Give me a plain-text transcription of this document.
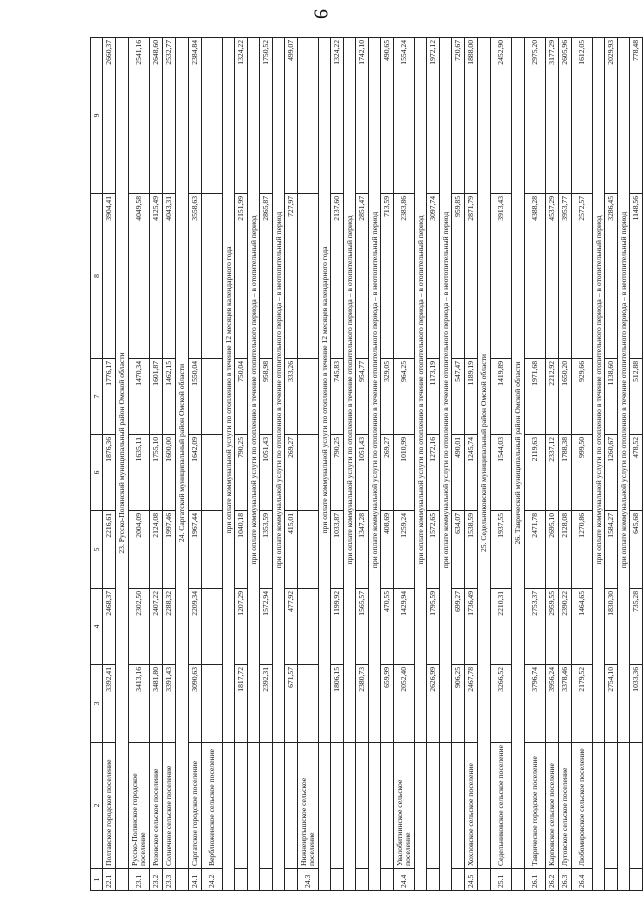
9
1	2	3	4	5	6	7	8	9
22.1	Полтавское городское поселение	3392,41	2468,37	2216,61	1876,36	1776,17	3904,41	2660,37
	23. Русско-Полянский муниципальный район Омской области							
23.1	Русско-Полянское городское поселение	3413,16	2302,50	2004,09	1635,11	1470,34	4049,58	2541,16
23.2	Розовское сельское поселение	3481,80	2407,22	2124,08	1755,10	1601,87	4125,49	2648,60
23.3	Солнечное сельское поселение	3391,43	2288,32	1997,46	1600,00	1462,15	4043,31	2532,77
	24. Саргатский муниципальный район Омской области							
24.1	Саргатское городское поселение	3090,63	2209,34	1967,44	1642,09	1550,04	3558,63	2384,84
24.2	Верблюженское сельское поселение							
		при оплате коммунальной услуги по отоплению в течение 12 месяцев календарного года						
		1817,72	1207,29	1040,18	790,25	750,04	2151,99	1324,22
		при оплате коммунальной услуги по отоплению в течение отопительного периода – в отопительный период						
		2392,31	1572,94	1353,59	1051,43	958,98	2865,87	1750,52
		при оплате коммунальной услуги по отоплению в течение отопительного периода – в неотопительный период						
		671,57	477,92	415,01	269,27	333,26	727,97	499,07
24.3	Нижнеиртышское сельское поселение							
		при оплате коммунальной услуги по отоплению в течение 12 месяцев календарного года						
		1806,15	1199,92	1033,87	790,25	745,83	2137,60	1324,22
		при оплате коммунальной услуги по отоплению в течение отопительного периода – в отопительный период						
		2380,73	1565,57	1347,28	1051,43	954,77	2851,47	1742,10
		при оплате коммунальной услуги по отоплению в течение отопительного периода – в неотопительный период						
		659,99	470,55	408,69	269,27	329,05	713,59	490,65
24.4	Увалобитиинское сельское поселение	2052,40	1429,94	1259,24	1010,99	964,25	2383,86	1554,24
		при оплате коммунальной услуги по отоплению в течение отопительного периода – в отопительный период						
		2626,99	1795,59	1572,65	1272,16	1173,19	3097,74	1972,12
		при оплате коммунальной услуги по отоплению в течение отопительного периода – в неотопительный период						
		906,25	699,27	634,07	490,01	547,47	959,85	720,67
24.5	Хохловское сельское поселение	2467,78	1736,49	1538,59	1245,74	1189,19	2871,79	1888,00
	25. Седельниковский муниципальный район Омской области							
25.1	Седельниковское сельское поселение	3266,52	2210,31	1937,55	1544,03	1419,89	3913,43	2452,90
	26. Таврический муниципальный район Омской области							
26.1	Таврическое городское поселение	3796,74	2753,37	2471,78	2119,63	1971,68	4388,28	2975,20
26.2	Карповское сельское поселение	3956,24	2959,55	2695,10	2337,12	2212,92	4537,29	3177,29
26.3	Луговское сельское поселение	3378,46	2390,22	2128,08	1788,38	1650,20	3953,77	2605,96
26.4	Любомировское сельское поселение	2179,52	1464,65	1270,86	999,50	929,66	2572,57	1612,05
		при оплате коммунальной услуги по отоплению в течение отопительного периода – в отопительный период						
		2754,10	1830,30	1584,27	1260,67	1138,60	3286,45	2029,93
		при оплате коммунальной услуги по отоплению в течение отопительного периода – в неотопительный период						
		1033,36	735,28	645,68	478,52	512,88	1148,56	778,48
